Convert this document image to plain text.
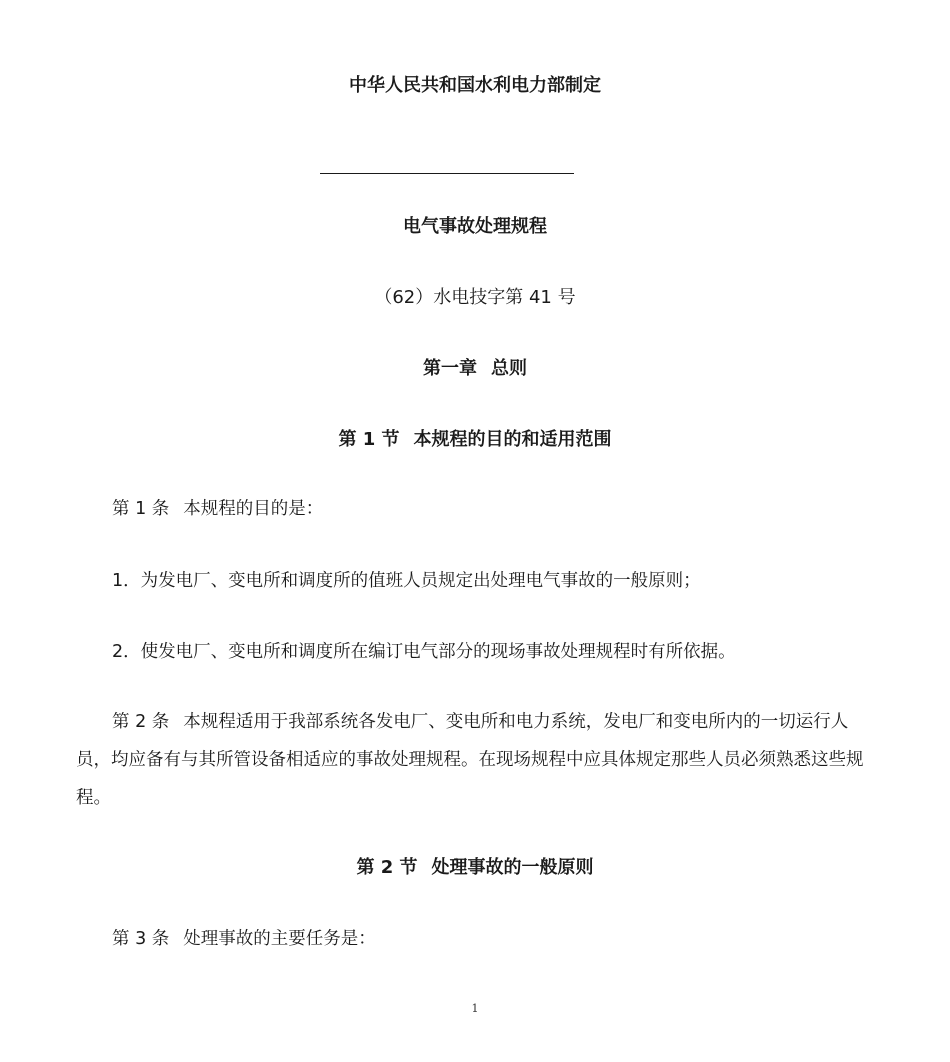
中华人民共和国水利电力部制定
电气事故处理规程
（62）水电技字第 41 号
第一章 总则
第 1 节 本规程的目的和适用范围
第 1 条 本规程的目的是：
1．为发电厂、变电所和调度所的值班人员规定出处理电气事故的一般原则；
2．使发电厂、变电所和调度所在编订电气部分的现场事故处理规程时有所依据。
第 2 条 本规程适用于我部系统各发电厂、变电所和电力系统，发电厂和变电所内的一切运行人员，均应备有与其所管设备相适应的事故处理规程。在现场规程中应具体规定那些人员必须熟悉这些规程。
第 2 节 处理事故的一般原则
第 3 条 处理事故的主要任务是：
1
